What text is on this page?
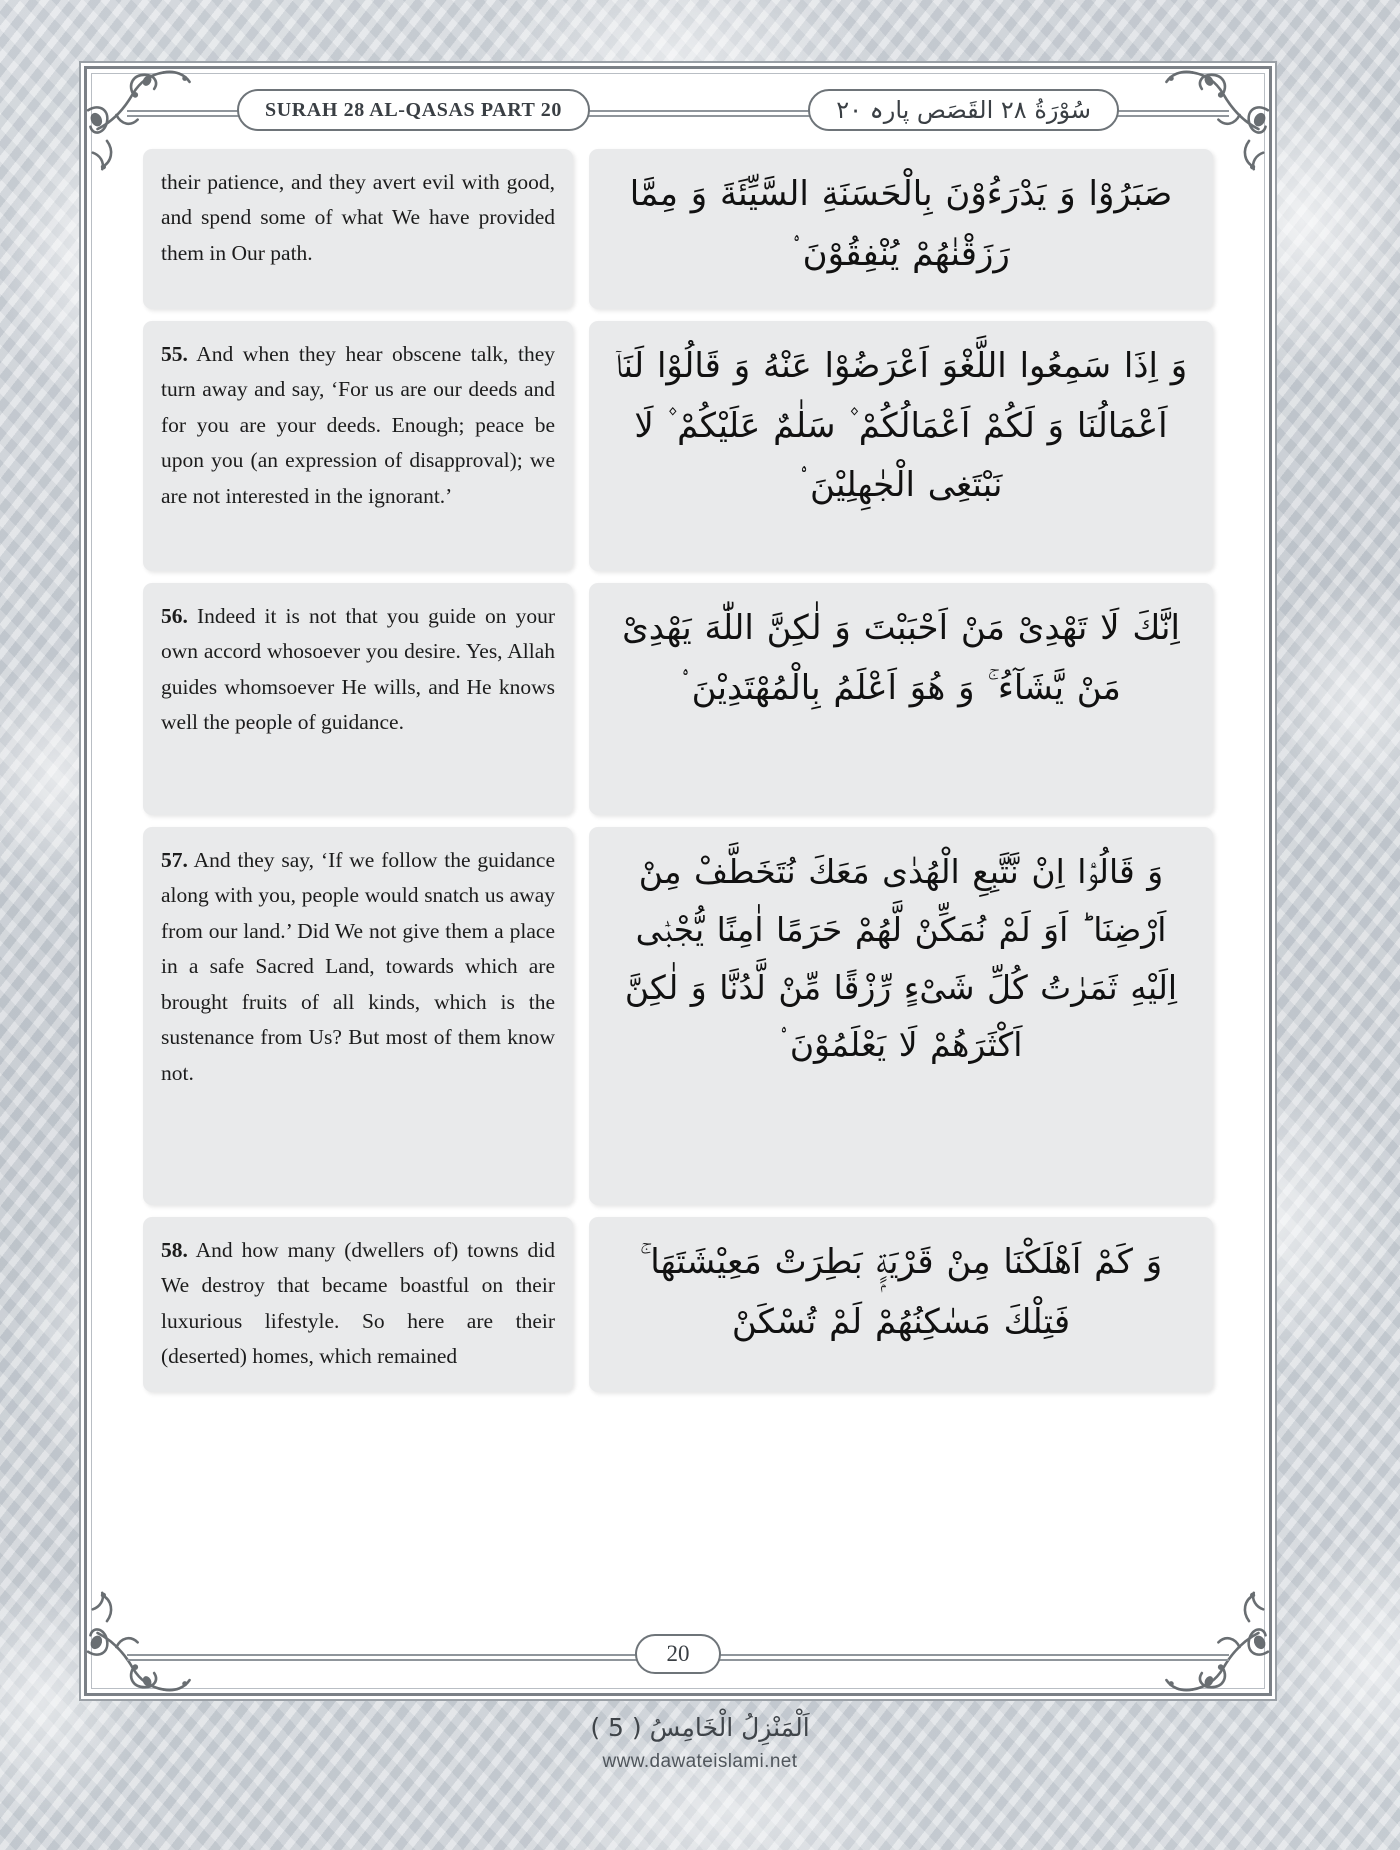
SURAH 28 AL-QASAS PART 20	سُوْرَةُ ٢٨ القَصَص پارہ ٢٠
their patience, and they avert evil with good, and spend some of what We have provided them in Our path.
صَبَرُوْا وَ یَدْرَءُوْنَ بِالْحَسَنَةِ السَّیِّئَةَ وَ مِمَّا رَزَقْنٰهُمْ یُنْفِقُوْنَ ۟
55. And when they hear obscene talk, they turn away and say, ‘For us are our deeds and for you are your deeds. Enough; peace be upon you (an expression of disapproval); we are not interested in the ignorant.’
وَ اِذَا سَمِعُوا اللَّغْوَ اَعْرَضُوْا عَنْهُ وَ قَالُوْا لَنَاۤ اَعْمَالُنَا وَ لَكُمْ اَعْمَالُكُمْ ۫ سَلٰمٌ عَلَیْكُمْ ۫ لَا نَبْتَغِی الْجٰهِلِیْنَ ۟
56. Indeed it is not that you guide on your own accord whosoever you desire. Yes, Allah guides whomsoever He wills, and He knows well the people of guidance.
اِنَّكَ لَا تَهْدِیْ مَنْ اَحْبَبْتَ وَ لٰكِنَّ اللّٰهَ یَهْدِیْ مَنْ یَّشَآءُ ۚ وَ هُوَ اَعْلَمُ بِالْمُهْتَدِیْنَ ۟
57. And they say, ‘If we follow the guidance along with you, people would snatch us away from our land.’ Did We not give them a place in a safe Sacred Land, towards which are brought fruits of all kinds, which is the sustenance from Us? But most of them know not.
وَ قَالُوْۤا اِنْ نَّتَّبِعِ الْهُدٰی مَعَكَ نُتَخَطَّفْ مِنْ اَرْضِنَا ؕ اَوَ لَمْ نُمَكِّنْ لَّهُمْ حَرَمًا اٰمِنًا یُّجْبٰۤی اِلَیْهِ ثَمَرٰتُ كُلِّ شَیْءٍ رِّزْقًا مِّنْ لَّدُنَّا وَ لٰكِنَّ اَكْثَرَهُمْ لَا یَعْلَمُوْنَ ۟
58. And how many (dwellers of) towns did We destroy that became boastful on their luxurious lifestyle. So here are their (deserted) homes, which remained
وَ كَمْ اَهْلَكْنَا مِنْ قَرْیَةٍۭ بَطِرَتْ مَعِیْشَتَهَا ۚ فَتِلْكَ مَسٰكِنُهُمْ لَمْ تُسْكَنْ
20
اَلْمَنْزِلُ الْخَامِسُ ( 5 )
www.dawateislami.net
